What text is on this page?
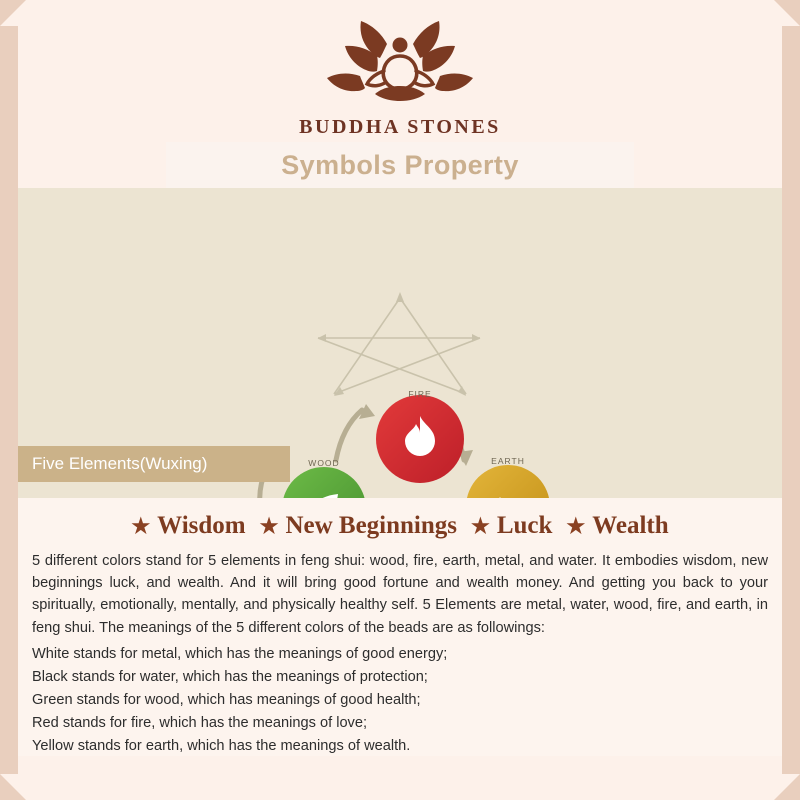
BUDDHA STONES
Symbols Property
FIRE
EARTH
WOOD
Five Elements(Wuxing)
★ Wisdom ★ New Beginnings ★ Luck ★ Wealth

5 different colors stand for 5 elements in feng shui: wood, fire, earth, metal, and water. It embodies wisdom, new beginnings luck, and wealth. And it will bring good fortune and wealth money. And getting you back to your spiritually, emotionally, mentally, and physically healthy self. 5 Elements are metal, water, wood, fire, and earth, in feng shui. The meanings of the 5 different colors of the beads are as followings:

White stands for metal, which has the meanings of good energy;

Black stands for water, which has the meanings of protection;

Green stands for wood, which has meanings of good health;

Red stands for fire, which has the meanings of love;

Yellow stands for earth, which has the meanings of wealth.
